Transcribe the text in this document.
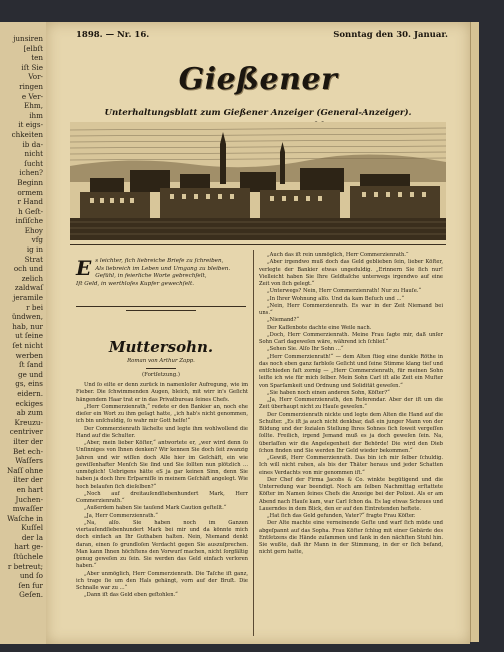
junsiren
[elbſt
ten
iſt Sie
Vor-
ringen
e Ver-
Ehm,
ihm
it eigs-
chkeiten
ib da-
nicht
ſucht
ichen?
Beginn
ormem
r Hand
h Geſt-
inſiſche
Ehoy
vfg
ig in
Strat
och und
zelich
zaldwaſ
jeramile
r bei
ündwen,
hab, nur
ut ſeine
ſet nicht
werben
ſt ſand
ge und
gs, eins
eidern.
eckiges
ab zum
Kreuzu-
centriver
ilter der
Bet ech-
Waſſers
Naſſ ohne
ilter der
en hart
Juchen-
mwaſſer
Waſche in
Kuſſel
der la
hart ge-
ſtüchele
r betreut;
und ſo
ſen fur
Geſen.
1898. — Nr. 16.	Sonntag den 30. Januar.
Gießener
Unterhaltungsblatt zum Gießener Anzeiger (General-Anzeiger).
E s leichter, ſich liebreiche Briefe zu ſchreiben,
Als liebreich im Leben und Umgang zu bleiben.
Gefühl, in feierliche Worte gebrechſelt,
Iſt Geld, in werthloſes Kupfer gewechſelt.
Muttersohn.
Roman von Arthur Zapp.
(Fortſetzung.)

Und ſo eilte er denn zurück in namenloſer Aufregung, wie im Fieber. Die ſchwimmenden Augen, bleich, mit wirr in's Geſicht hängendem Haar trat er in das Privatbureau ſeines Chefs.

„Herr Commerzienrath,“ redete er den Bankier an, noch ehe dieſer ein Wort zu ihm geſagt hatte, „ich hab's nicht genommen, ich bin unſchuldig, ſo wahr mir Gott helfe!“

Der Commerzienrath lächelte und legte ihm wohlwollend die Hand auf die Schulter.

„Aber, mein lieber Köſter,“ antwortete er, „wer wird denn ſo Unſinniges von Ihnen denken? Wir kennen Sie doch ſeit zwanzig Jahren und wir wiſſen doch Alle hier im Geſchäft, ein wie gewiſſenhafter Menſch Sie ſind und Sie ſollten nun plötzlich ... unmöglich! Uebrigens hätte eS ja gar keinen Sinn, denn Sie haben ja doch Ihre Erſparniſſe in meinem Geſchäft angelegt. Wie hoch belaufen ſich dieſelben?“

„Noch auf dreitauſendſiebenhundert Mark, Herr Commerzienrath.“

„Außerdem haben Sie tauſend Mark Caution geſtellt.“

„Ja, Herr Commerzienrath.“

„Na, alſo. Sie haben noch im Ganzen viertauſendſiebenhundert Mark bei mir und da könnte mich doch einfach an Ihr Guthaben halten. Nein, Niemand denkt daran, einen ſo grundloſen Verdacht gegen Sie auszuſprechen. Man kann Ihnen höchſtens den Vorwurf machen, nicht ſorgfältig genug geweſen zu ſein. Sie werden das Geld einfach verloren haben.“

„Aber unmöglich, Herr Commerzienrath. Die Taſche iſt ganz, ich trage ſie um den Hals gehängt, vorn auf der Bruſt. Die Schnalle war zu ...“

„Dann iſt das Geld eben geſtohlen.“

„Auch das iſt rein unmöglich, Herr Commerzienrath.“

„Aber irgendwo muß doch das Geld geblieben ſein, lieber Köſter, verlegte der Bankier etwas ungeduldig. „Erinnern Sie ſich nur! Vielleicht haben Sie Ihre Geldtaſche unterwegs irgendwo auf eine Zeit von ſich gelegt.“

„Unterwegs? Nein, Herr Commerzienrath! Nur zu Hauſe.“

„In Ihrer Wohnung alſo. Und da kam Beſuch und ...“

„Nein, Herr Commerzienrath. Es war in der Zeit Niemand bei uns.“

„Niemand?“

Der Kaſſenbote dachte eine Weile nach.

„Doch, Herr Commerzienrath. Meine Frau ſagte mir, daß unſer Sohn Carl dageweſen wäre, während ich ſchlief.“

„Sehen Sie. Alſo Ihr Sohn ...“

„Herr Commerzienrath!“ — dem Alten ſtieg eine dunkle Röthe in das noch eben ganz farbloſe Geſicht und ſeine Stimme klang tief und entſchieden faſt zornig — „Herr Commerzienrath, für meinen Sohn leiſte ich wie für mich ſelber. Mein Sohn Carl iſt alle Zeit ein Muſter von Sparſamkeit und Ordnung und Solidität geweſen.“

„Sie haben noch einen anderen Sohn, Köſter?“

„Ja, Herr Commerzienrath, den Referendar. Aber der iſt um die Zeit überhaupt nicht zu Hauſe geweſen.“

Der Commerzienrath nickte und legte dem Alten die Hand auf die Schulter. „Es iſt ja auch nicht denkbar, daß ein junger Mann von der Bildung und der ſozialen Stellung Ihres Sohnes ſich ſoweit vergeſſen ſollte. Freilich, irgend Jemand muß es ja doch geweſen ſein. Na, überlaſſen wir die Angelegenheit der Behörde! Die wird den Dieb ſchon finden und Sie werden Ihr Geld wieder bekommen.“

„Gewiß, Herr Commerzienrath. Das bin ich mir ſelber ſchuldig. Ich will nicht ruhen, als bis der Thäter heraus und jeder Schatten eines Verdachts von mir genommen iſt.“

Der Chef der Firma Jacobs & Co. winkte begütigend und die Unterredung war beendigt. Noch am ſelben Nachmittag erſtattete Köſter im Namen ſeines Chefs die Anzeige bei der Polizei. Als er am Abend nach Hauſe kam, war Carl ſchon da. Es lag etwas Scheues und Lauerndes in dem Blick, den er auf den Eintretenden heftete.

„Hat ſich das Geld gefunden, Vater?“ fragte Frau Köſter.

Der Alte machte eine verneinende Geſte und warf ſich müde und abgeſpannt auf das Sopha. Frau Köſter ſchlug mit einer Gebärde des Entſetzens die Hände zuſammen und ſank in den nächſten Stuhl hin. Sie wußte, daß ihr Mann in der Stimmung, in der er ſich befand, nicht gern hatte,
